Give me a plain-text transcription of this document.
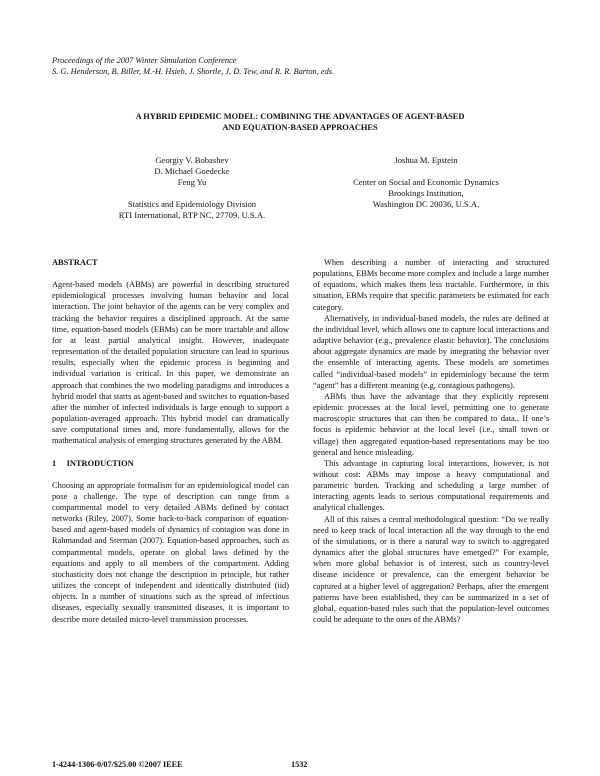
Proceedings of the 2007 Winter Simulation Conference
S. G. Henderson, B. Biller, M.-H. Hsieh, J. Shortle, J. D. Tew, and R. R. Barton, eds.
A HYBRID EPIDEMIC MODEL: COMBINING THE ADVANTAGES OF AGENT-BASED
AND EQUATION-BASED APPROACHES
Georgiy V. Bobashev
D. Michael Goedecke
Feng Yu
Statistics and Epidemiology Division
RTI International, RTP NC, 27709, U.S.A.
Joshua M. Epstein
Center on Social and Economic Dynamics
Brookings Institution,
Washington DC 20036, U.S.A.

ABSTRACT

Agent-based models (ABMs) are powerful in describing structured epidemiological processes involving human behavior and local interaction. The joint behavior of the agents can be very complex and tracking the behavior requires a disciplined approach. At the same time, equation-based models (EBMs) can be more tractable and allow for at least partial analytical insight. However, inadequate representation of the detailed population structure can lead to spurious results, especially when the epidemic process is beginning and individual variation is critical. In this paper, we demonstrate an approach that combines the two modeling paradigms and introduces a hybrid model that starts as agent-based and switches to equation-based after the number of infected individuals is large enough to support a population-averaged approach. This hybrid model can dramatically save computational times and, more fundamentally, allows for the mathematical analysis of emerging structures generated by the ABM.

1 INTRODUCTION

Choosing an appropriate formalism for an epidemiological model can pose a challenge. The type of description can range from a compartmental model to very detailed ABMs defined by contact networks (Riley, 2007). Some back-to-back comparison of equation-based and agent-based models of dynamics of contagion was done in Rahmandad and Sterman (2007). Equation-based approaches, such as compartmental models, operate on global laws defined by the equations and apply to all members of the compartment. Adding stochasticity does not change the description in principle, but rather utilizes the concept of independent and identically distributed (iid) objects. In a number of situations such as the spread of infectious diseases, especially sexually transmitted diseases, it is important to describe more detailed micro-level transmission processes.

When describing a number of interacting and structured populations, EBMs become more complex and include a large number of equations, which makes them less tractable. Furthermore, in this situation, EBMs require that specific parameters be estimated for each category.

Alternatively, in individual-based models, the rules are defined at the individual level, which allows one to capture local interactions and adaptive behavior (e.g., prevalence elastic behavior). The conclusions about aggregate dynamics are made by integrating the behavior over the ensemble of interacting agents. These models are sometimes called “individual-based models” in epidemiology because the term “agent” has a different meaning (e.g, contagious pathogens).

ABMs thus have the advantage that they explicitly represent epidemic processes at the local level, permitting one to generate macroscopic structures that can then be compared to data.. If one’s focus is epidemic behavior at the local level (i.e., small town or village) then aggregated equation-based representations may be too general and hence misleading.

This advantage in capturing local interactions, however, is not without cost: ABMs may impose a heavy computational and parametric burden. Tracking and scheduling a large number of interacting agents leads to serious computational requirements and analytical challenges.

All of this raises a central methodological question: “Do we really need to keep track of local interaction all the way through to the end of the simulations, or is there a natural way to switch to aggregated dynamics after the global structures have emerged?” For example, when more global behavior is of interest, such as country-level disease incidence or prevalence, can the emergent behavior be captured at a higher level of aggregation? Perhaps, after the emergent patterns have been established, they can be summarized in a set of global, equation-based rules such that the population-level outcomes could be adequate to the ones of the ABMs?

1-4244-1306-0/07/$25.00 ©2007 IEEE	1532
